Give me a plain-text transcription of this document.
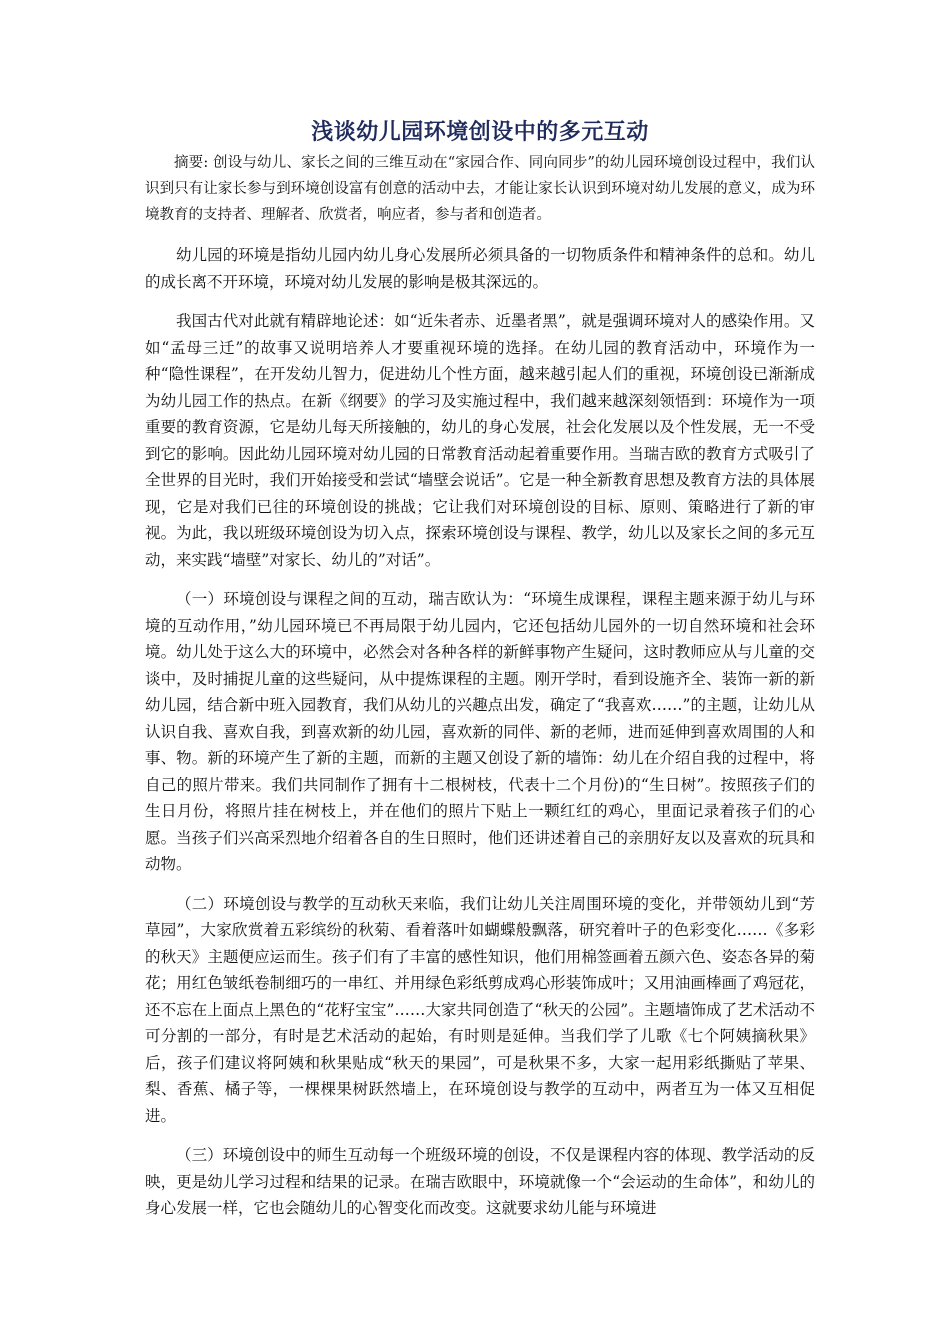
浅谈幼儿园环境创设中的多元互动

摘要: 创设与幼儿、家长之间的三维互动在“家园合作、同向同步”的幼儿园环境创设过程中，我们认识到只有让家长参与到环境创设富有创意的活动中去，才能让家长认识到环境对幼儿发展的意义，成为环境教育的支持者、理解者、欣赏者，响应者，参与者和创造者。

幼儿园的环境是指幼儿园内幼儿身心发展所必须具备的一切物质条件和精神条件的总和。幼儿的成长离不开环境，环境对幼儿发展的影响是极其深远的。

我国古代对此就有精辟地论述：如“近朱者赤、近墨者黑”，就是强调环境对人的感染作用。又如“孟母三迁”的故事又说明培养人才要重视环境的选择。在幼儿园的教育活动中，环境作为一种“隐性课程”，在开发幼儿智力，促进幼儿个性方面，越来越引起人们的重视，环境创设已渐渐成为幼儿园工作的热点。在新《纲要》的学习及实施过程中，我们越来越深刻领悟到：环境作为一项重要的教育资源，它是幼儿每天所接触的，幼儿的身心发展，社会化发展以及个性发展，无一不受到它的影响。因此幼儿园环境对幼儿园的日常教育活动起着重要作用。当瑞吉欧的教育方式吸引了全世界的目光时，我们开始接受和尝试“墙壁会说话”。它是一种全新教育思想及教育方法的具体展现，它是对我们已往的环境创设的挑战；它让我们对环境创设的目标、原则、策略进行了新的审视。为此，我以班级环境创设为切入点，探索环境创设与课程、教学，幼儿以及家长之间的多元互动，来实践“墙壁”对家长、幼儿的”对话”。

（一）环境创设与课程之间的互动，瑞吉欧认为：“环境生成课程，课程主题来源于幼儿与环境的互动作用，”幼儿园环境已不再局限于幼儿园内，它还包括幼儿园外的一切自然环境和社会环境。幼儿处于这么大的环境中，必然会对各种各样的新鲜事物产生疑问，这时教师应从与儿童的交谈中，及时捕捉儿童的这些疑问，从中提炼课程的主题。刚开学时，看到设施齐全、装饰一新的新幼儿园，结合新中班入园教育，我们从幼儿的兴趣点出发，确定了“我喜欢……”的主题，让幼儿从认识自我、喜欢自我，到喜欢新的幼儿园，喜欢新的同伴、新的老师，进而延伸到喜欢周围的人和事、物。新的环境产生了新的主题，而新的主题又创设了新的墙饰：幼儿在介绍自我的过程中，将自己的照片带来。我们共同制作了拥有十二根树枝，代表十二个月份)的“生日树”。按照孩子们的生日月份，将照片挂在树枝上，并在他们的照片下贴上一颗红红的鸡心，里面记录着孩子们的心愿。当孩子们兴高采烈地介绍着各自的生日照时，他们还讲述着自己的亲朋好友以及喜欢的玩具和动物。

（二）环境创设与教学的互动秋天来临，我们让幼儿关注周围环境的变化，并带领幼儿到“芳草园”，大家欣赏着五彩缤纷的秋菊、看着落叶如蝴蝶般飘落，研究着叶子的色彩变化……《多彩的秋天》主题便应运而生。孩子们有了丰富的感性知识，他们用棉签画着五颜六色、姿态各异的菊花；用红色皱纸卷制细巧的一串红、并用绿色彩纸剪成鸡心形装饰成叶；又用油画棒画了鸡冠花，还不忘在上面点上黑色的“花籽宝宝”……大家共同创造了“秋天的公园”。主题墙饰成了艺术活动不可分割的一部分，有时是艺术活动的起始，有时则是延伸。当我们学了儿歌《七个阿姨摘秋果》后，孩子们建议将阿姨和秋果贴成“秋天的果园”，可是秋果不多，大家一起用彩纸撕贴了苹果、梨、香蕉、橘子等，一棵棵果树跃然墙上，在环境创设与教学的互动中，两者互为一体又互相促进。

（三）环境创设中的师生互动每一个班级环境的创设，不仅是课程内容的体现、教学活动的反映，更是幼儿学习过程和结果的记录。在瑞吉欧眼中，环境就像一个“会运动的生命体”，和幼儿的身心发展一样，它也会随幼儿的心智变化而改变。这就要求幼儿能与环境进
